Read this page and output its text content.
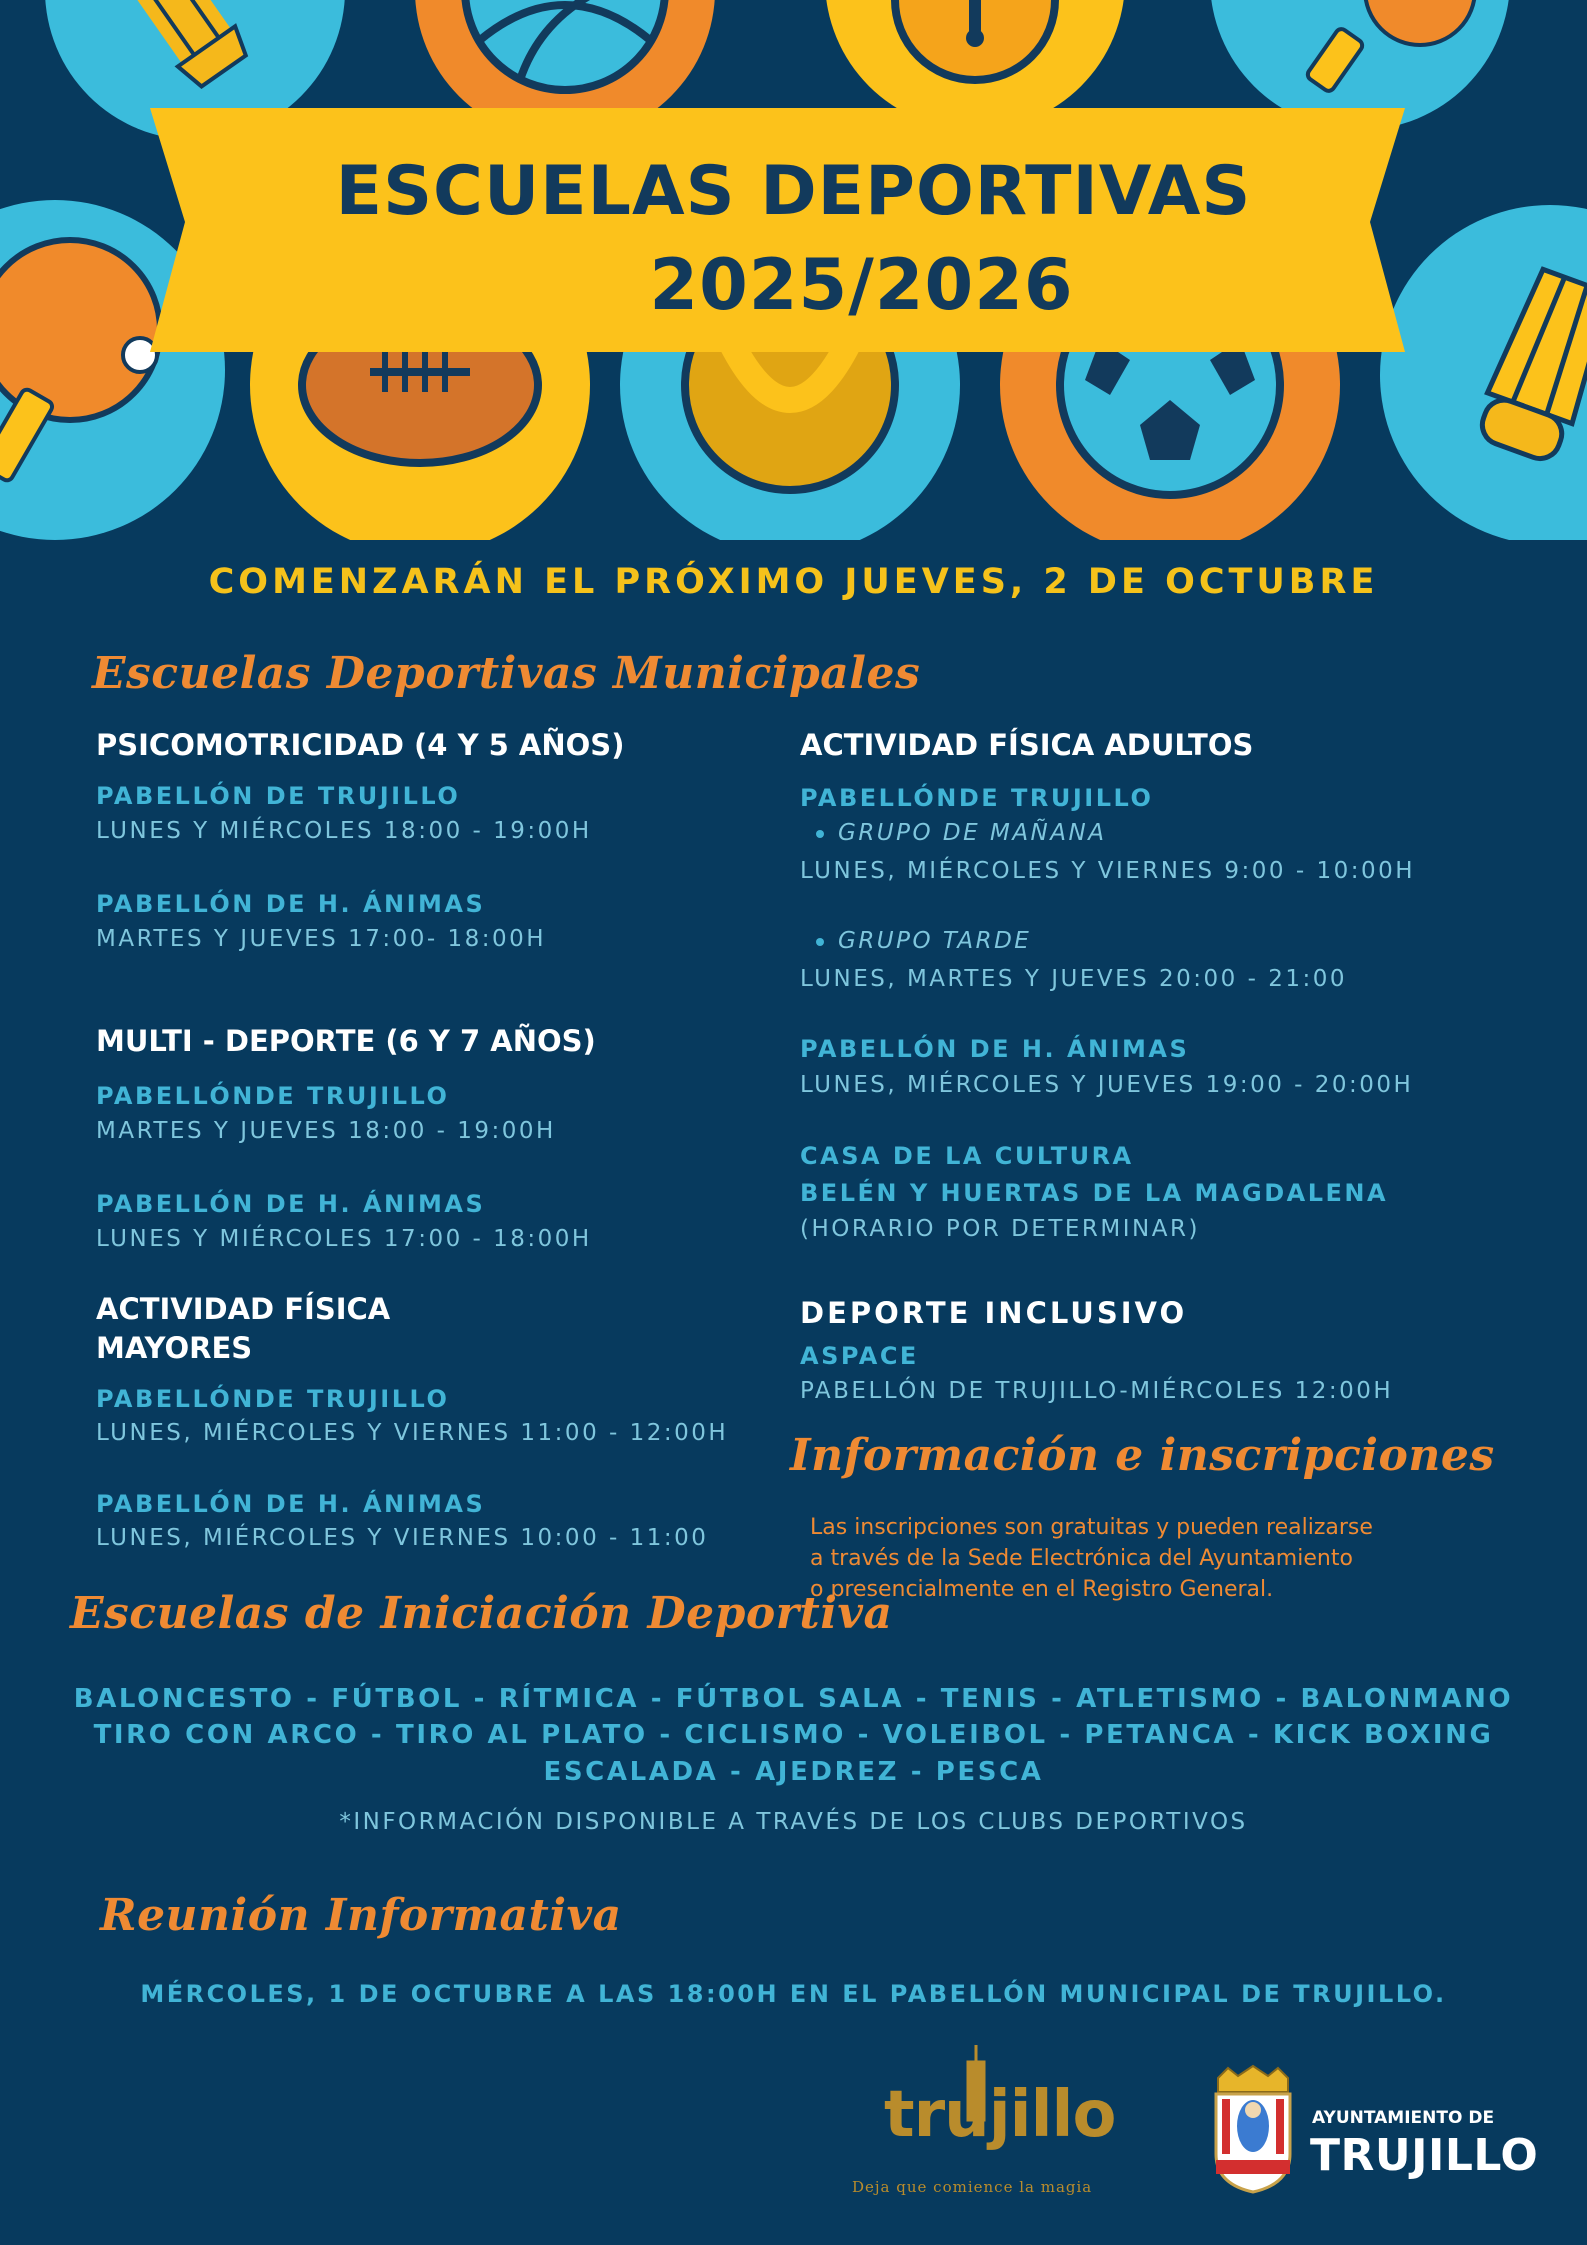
ESCUELAS DEPORTIVAS
2025/2026
COMENZARÁN EL PRÓXIMO JUEVES, 2 DE OCTUBRE
Escuelas Deportivas Municipales
PSICOMOTRICIDAD (4 Y 5 AÑOS)
PABELLÓN DE TRUJILLO
LUNES Y MIÉRCOLES 18:00 - 19:00H
PABELLÓN DE H. ÁNIMAS
MARTES Y JUEVES 17:00- 18:00H
MULTI - DEPORTE (6 Y 7 AÑOS)
PABELLÓNDE TRUJILLO
MARTES Y JUEVES 18:00 - 19:00H
PABELLÓN DE H. ÁNIMAS
LUNES Y MIÉRCOLES 17:00 - 18:00H
ACTIVIDAD FÍSICA
MAYORES
PABELLÓNDE TRUJILLO
LUNES, MIÉRCOLES Y VIERNES 11:00 - 12:00H
PABELLÓN DE H. ÁNIMAS
LUNES, MIÉRCOLES Y VIERNES 10:00 - 11:00
ACTIVIDAD FÍSICA ADULTOS
PABELLÓNDE TRUJILLO
GRUPO DE MAÑANA
LUNES, MIÉRCOLES Y VIERNES 9:00 - 10:00H
GRUPO TARDE
LUNES, MARTES Y JUEVES 20:00 - 21:00
PABELLÓN DE H. ÁNIMAS
LUNES, MIÉRCOLES Y JUEVES 19:00 - 20:00H
CASA DE LA CULTURA
BELÉN Y HUERTAS DE LA MAGDALENA
(HORARIO POR DETERMINAR)
DEPORTE INCLUSIVO
ASPACE
PABELLÓN DE TRUJILLO-MIÉRCOLES 12:00H
Información e inscripciones
Las inscripciones son gratuitas y pueden realizarse
a través de la Sede Electrónica del Ayuntamiento
o presencialmente en el Registro General.
Escuelas de Iniciación Deportiva
BALONCESTO - FÚTBOL - RÍTMICA - FÚTBOL SALA - TENIS - ATLETISMO - BALONMANO
TIRO CON ARCO - TIRO AL PLATO - CICLISMO - VOLEIBOL - PETANCA - KICK BOXING
ESCALADA - AJEDREZ - PESCA
*INFORMACIÓN DISPONIBLE A TRAVÉS DE LOS CLUBS DEPORTIVOS
Reunión Informativa
MÉRCOLES, 1 DE OCTUBRE A LAS 18:00H EN EL PABELLÓN MUNICIPAL DE TRUJILLO.
trujillo
Deja que comience la magia
AYUNTAMIENTO DE
TRUJILLO
